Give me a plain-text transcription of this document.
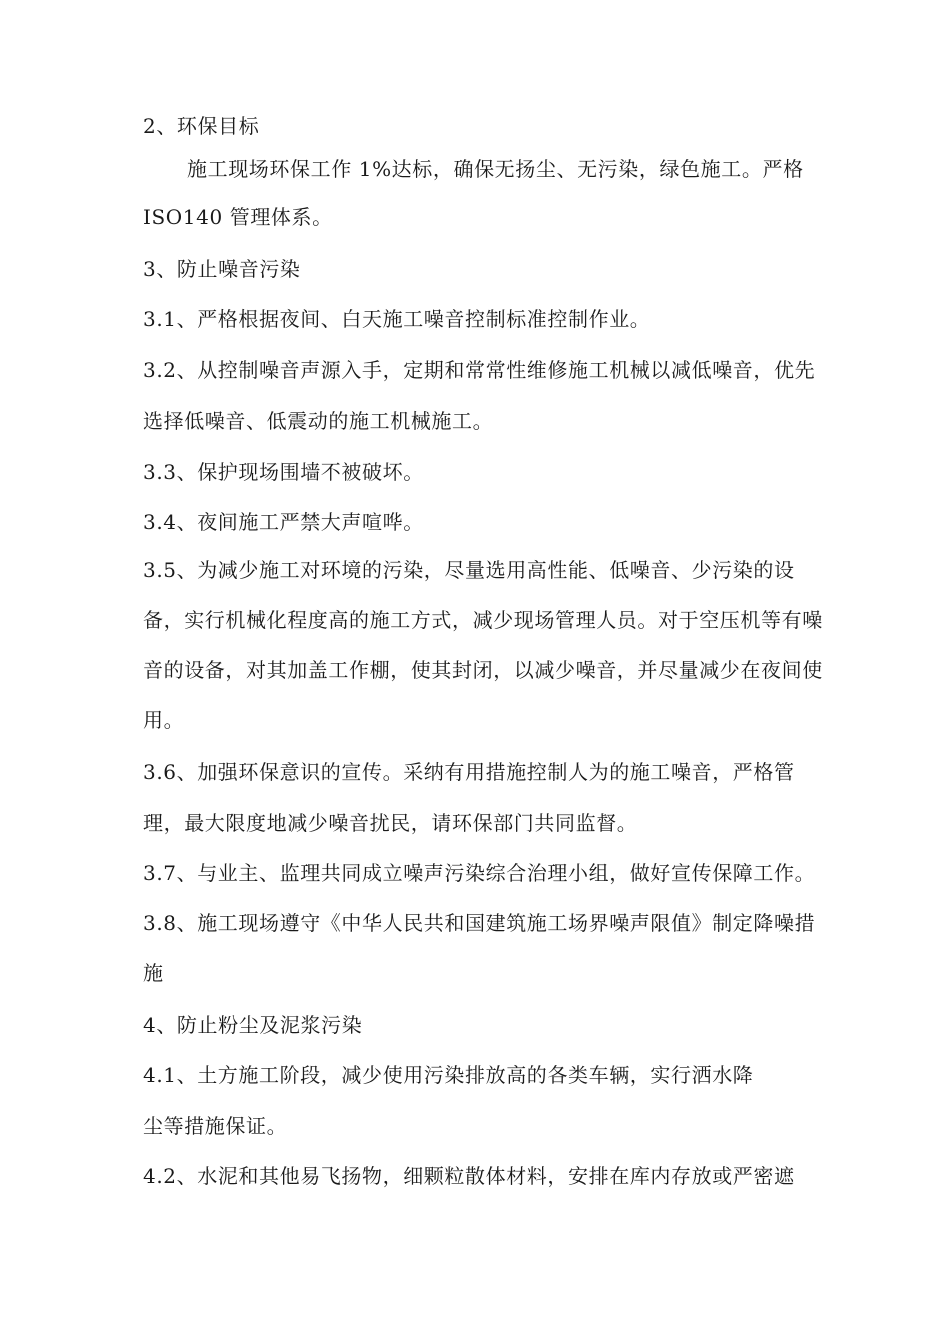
2、环保目标
施工现场环保工作 1%达标，确保无扬尘、无污染，绿色施工。严格
ISO140 管理体系。
3、防止噪音污染
3.1、严格根据夜间、白天施工噪音控制标准控制作业。
3.2、从控制噪音声源入手，定期和常常性维修施工机械以减低噪音，优先
选择低噪音、低震动的施工机械施工。
3.3、保护现场围墙不被破坏。
3.4、夜间施工严禁大声喧哗。
3.5、为减少施工对环境的污染，尽量选用高性能、低噪音、少污染的设
备，实行机械化程度高的施工方式，减少现场管理人员。对于空压机等有噪
音的设备，对其加盖工作棚，使其封闭，以减少噪音，并尽量减少在夜间使
用。
3.6、加强环保意识的宣传。采纳有用措施控制人为的施工噪音，严格管
理，最大限度地减少噪音扰民，请环保部门共同监督。
3.7、与业主、监理共同成立噪声污染综合治理小组，做好宣传保障工作。
3.8、施工现场遵守《中华人民共和国建筑施工场界噪声限值》制定降噪措
施
4、防止粉尘及泥浆污染
4.1、土方施工阶段，减少使用污染排放高的各类车辆，实行洒水降
尘等措施保证。
4.2、水泥和其他易飞扬物，细颗粒散体材料，安排在库内存放或严密遮
